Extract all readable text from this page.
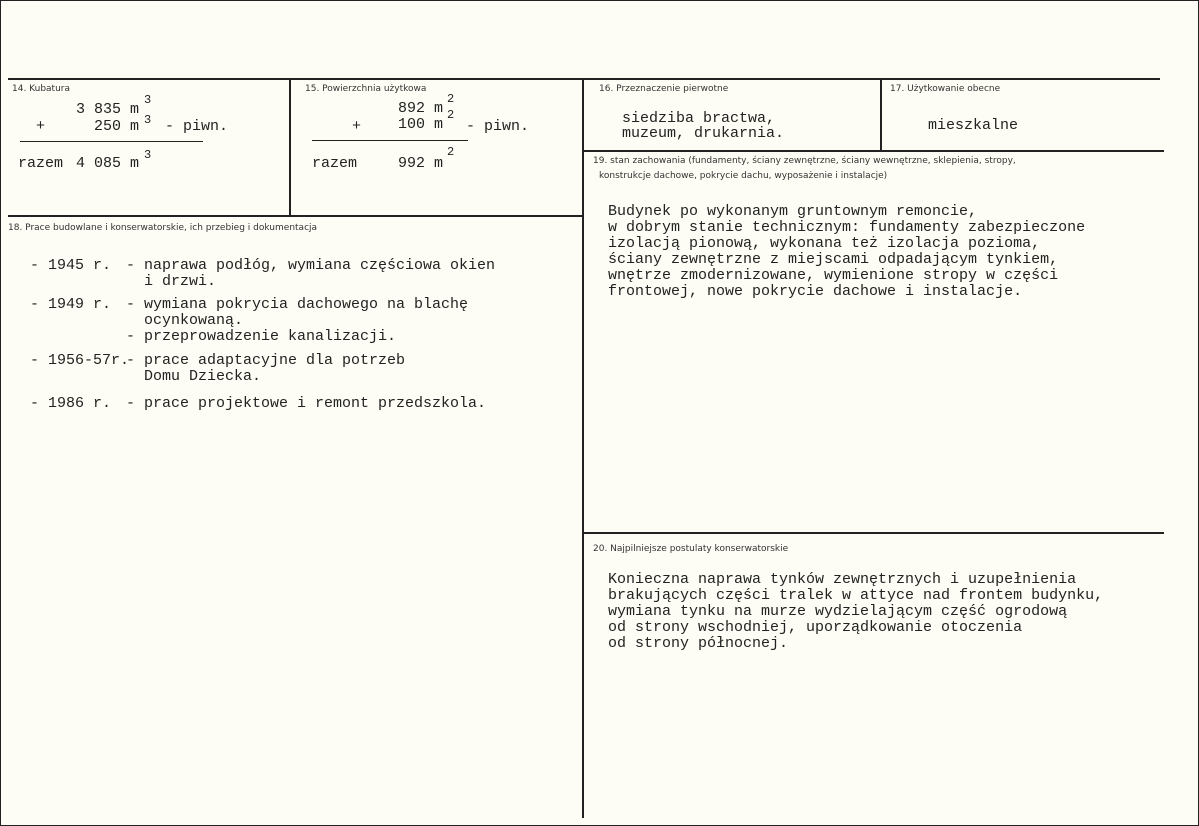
14. Kubatura
3 835 m
3
+	250 m 3 - piwn.
razem 4 085 m 3
15. Powierzchnia użytkowa
892 m
2
+ 100 m
2
- piwn.
razem	992 m
2
16. Przeznaczenie pierwotne
siedziba bractwa,
muzeum, drukarnia.
17. Użytkowanie obecne
mieszkalne
18. Prace budowlane i konserwatorskie, ich przebieg i dokumentacja
- 1945 r. - naprawa podłóg, wymiana częściowa okien
i drzwi.
- 1949 r. - wymiana pokrycia dachowego na blachę
ocynkowaną.
- przeprowadzenie kanalizacji.
- 1956-57r.
- prace adaptacyjne dla potrzeb
Domu Dziecka.
- 1986 r. - prace projektowe i remont przedszkola.
19. stan zachowania (fundamenty, ściany zewnętrzne, ściany wewnętrzne, sklepienia, stropy,
konstrukcje dachowe, pokrycie dachu, wyposażenie i instalacje)
Budynek po wykonanym gruntownym remoncie,
w dobrym stanie technicznym: fundamenty zabezpieczone
izolacją pionową, wykonana też izolacja pozioma,
ściany zewnętrzne z miejscami odpadającym tynkiem,
wnętrze zmodernizowane, wymienione stropy w części
frontowej, nowe pokrycie dachowe i instalacje.
20. Najpilniejsze postulaty konserwatorskie
Konieczna naprawa tynków zewnętrznych i uzupełnienia
brakujących części tralek w attyce nad frontem budynku,
wymiana tynku na murze wydzielającym część ogrodową
od strony wschodniej, uporządkowanie otoczenia
od strony północnej.
